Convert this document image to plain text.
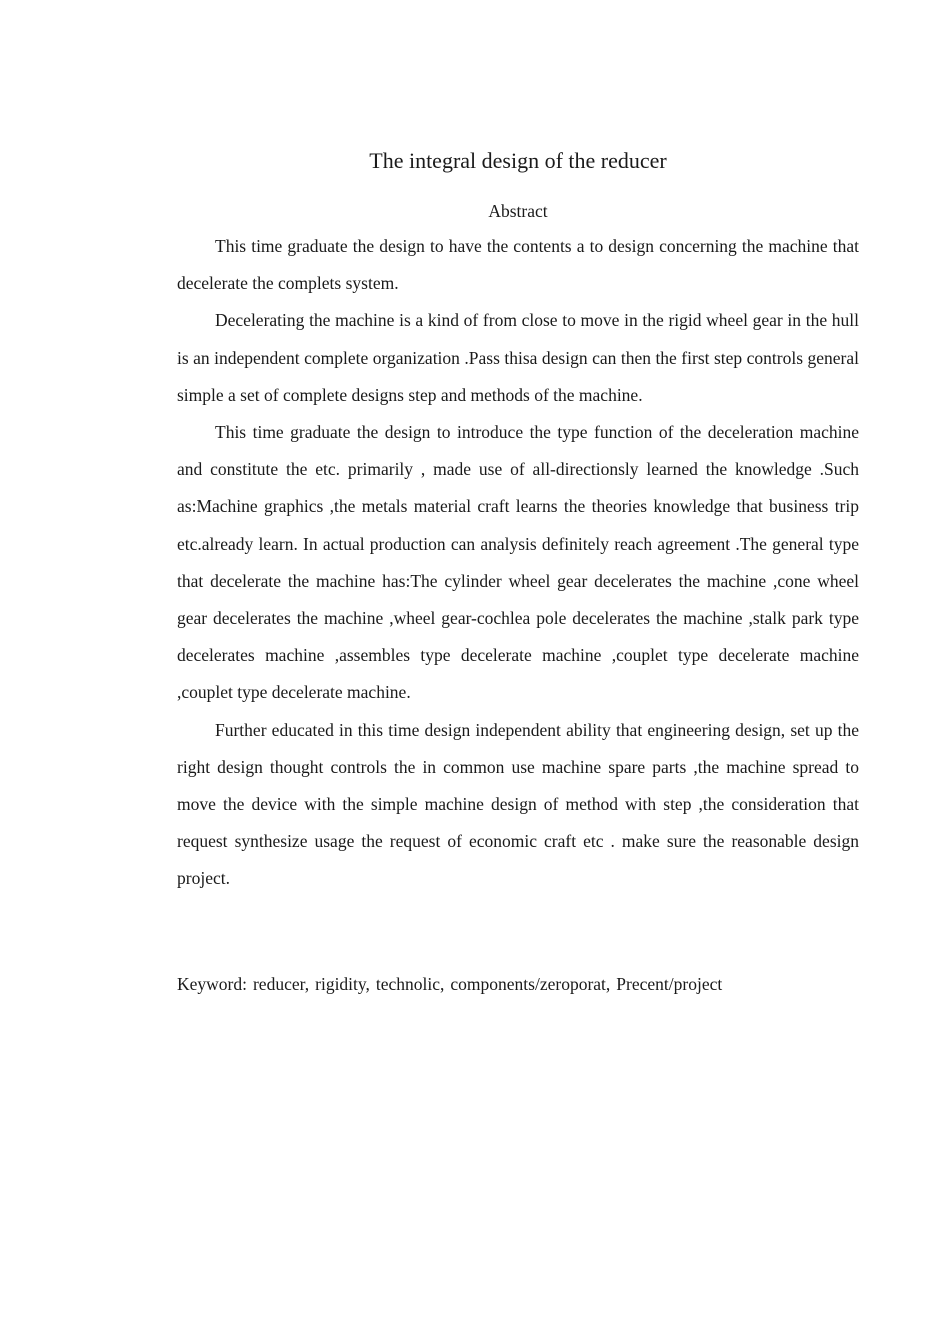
The integral design of the reducer
Abstract

This time graduate the design to have the contents a to design concerning the machine that decelerate the complets system.

Decelerating the machine is a kind of from close to move in the rigid wheel gear in the hull is an independent complete organization .Pass thisa design can then the first step controls general simple a set of complete designs step and methods of the machine.

This time graduate the design to introduce the type function of the deceleration machine and constitute the etc. primarily , made use of all-directionsly learned the knowledge .Such as:Machine graphics ,the metals material craft learns the theories knowledge that business trip etc.already learn. In actual production can analysis definitely reach agreement .The general type that decelerate the machine has:The cylinder wheel gear decelerates the machine ,cone wheel gear decelerates the machine ,wheel gear-cochlea pole decelerates the machine ,stalk park type decelerates machine ,assembles type decelerate machine ,couplet type decelerate machine ,couplet type decelerate machine.

Further educated in this time design independent ability that engineering design, set up the right design thought controls the in common use machine spare parts ,the machine spread to move the device with the simple machine design of method with step ,the consideration that request synthesize usage the request of economic craft etc . make sure the reasonable design project.

Keyword: reducer, rigidity, technolic, components/zeroporat, Precent/project
